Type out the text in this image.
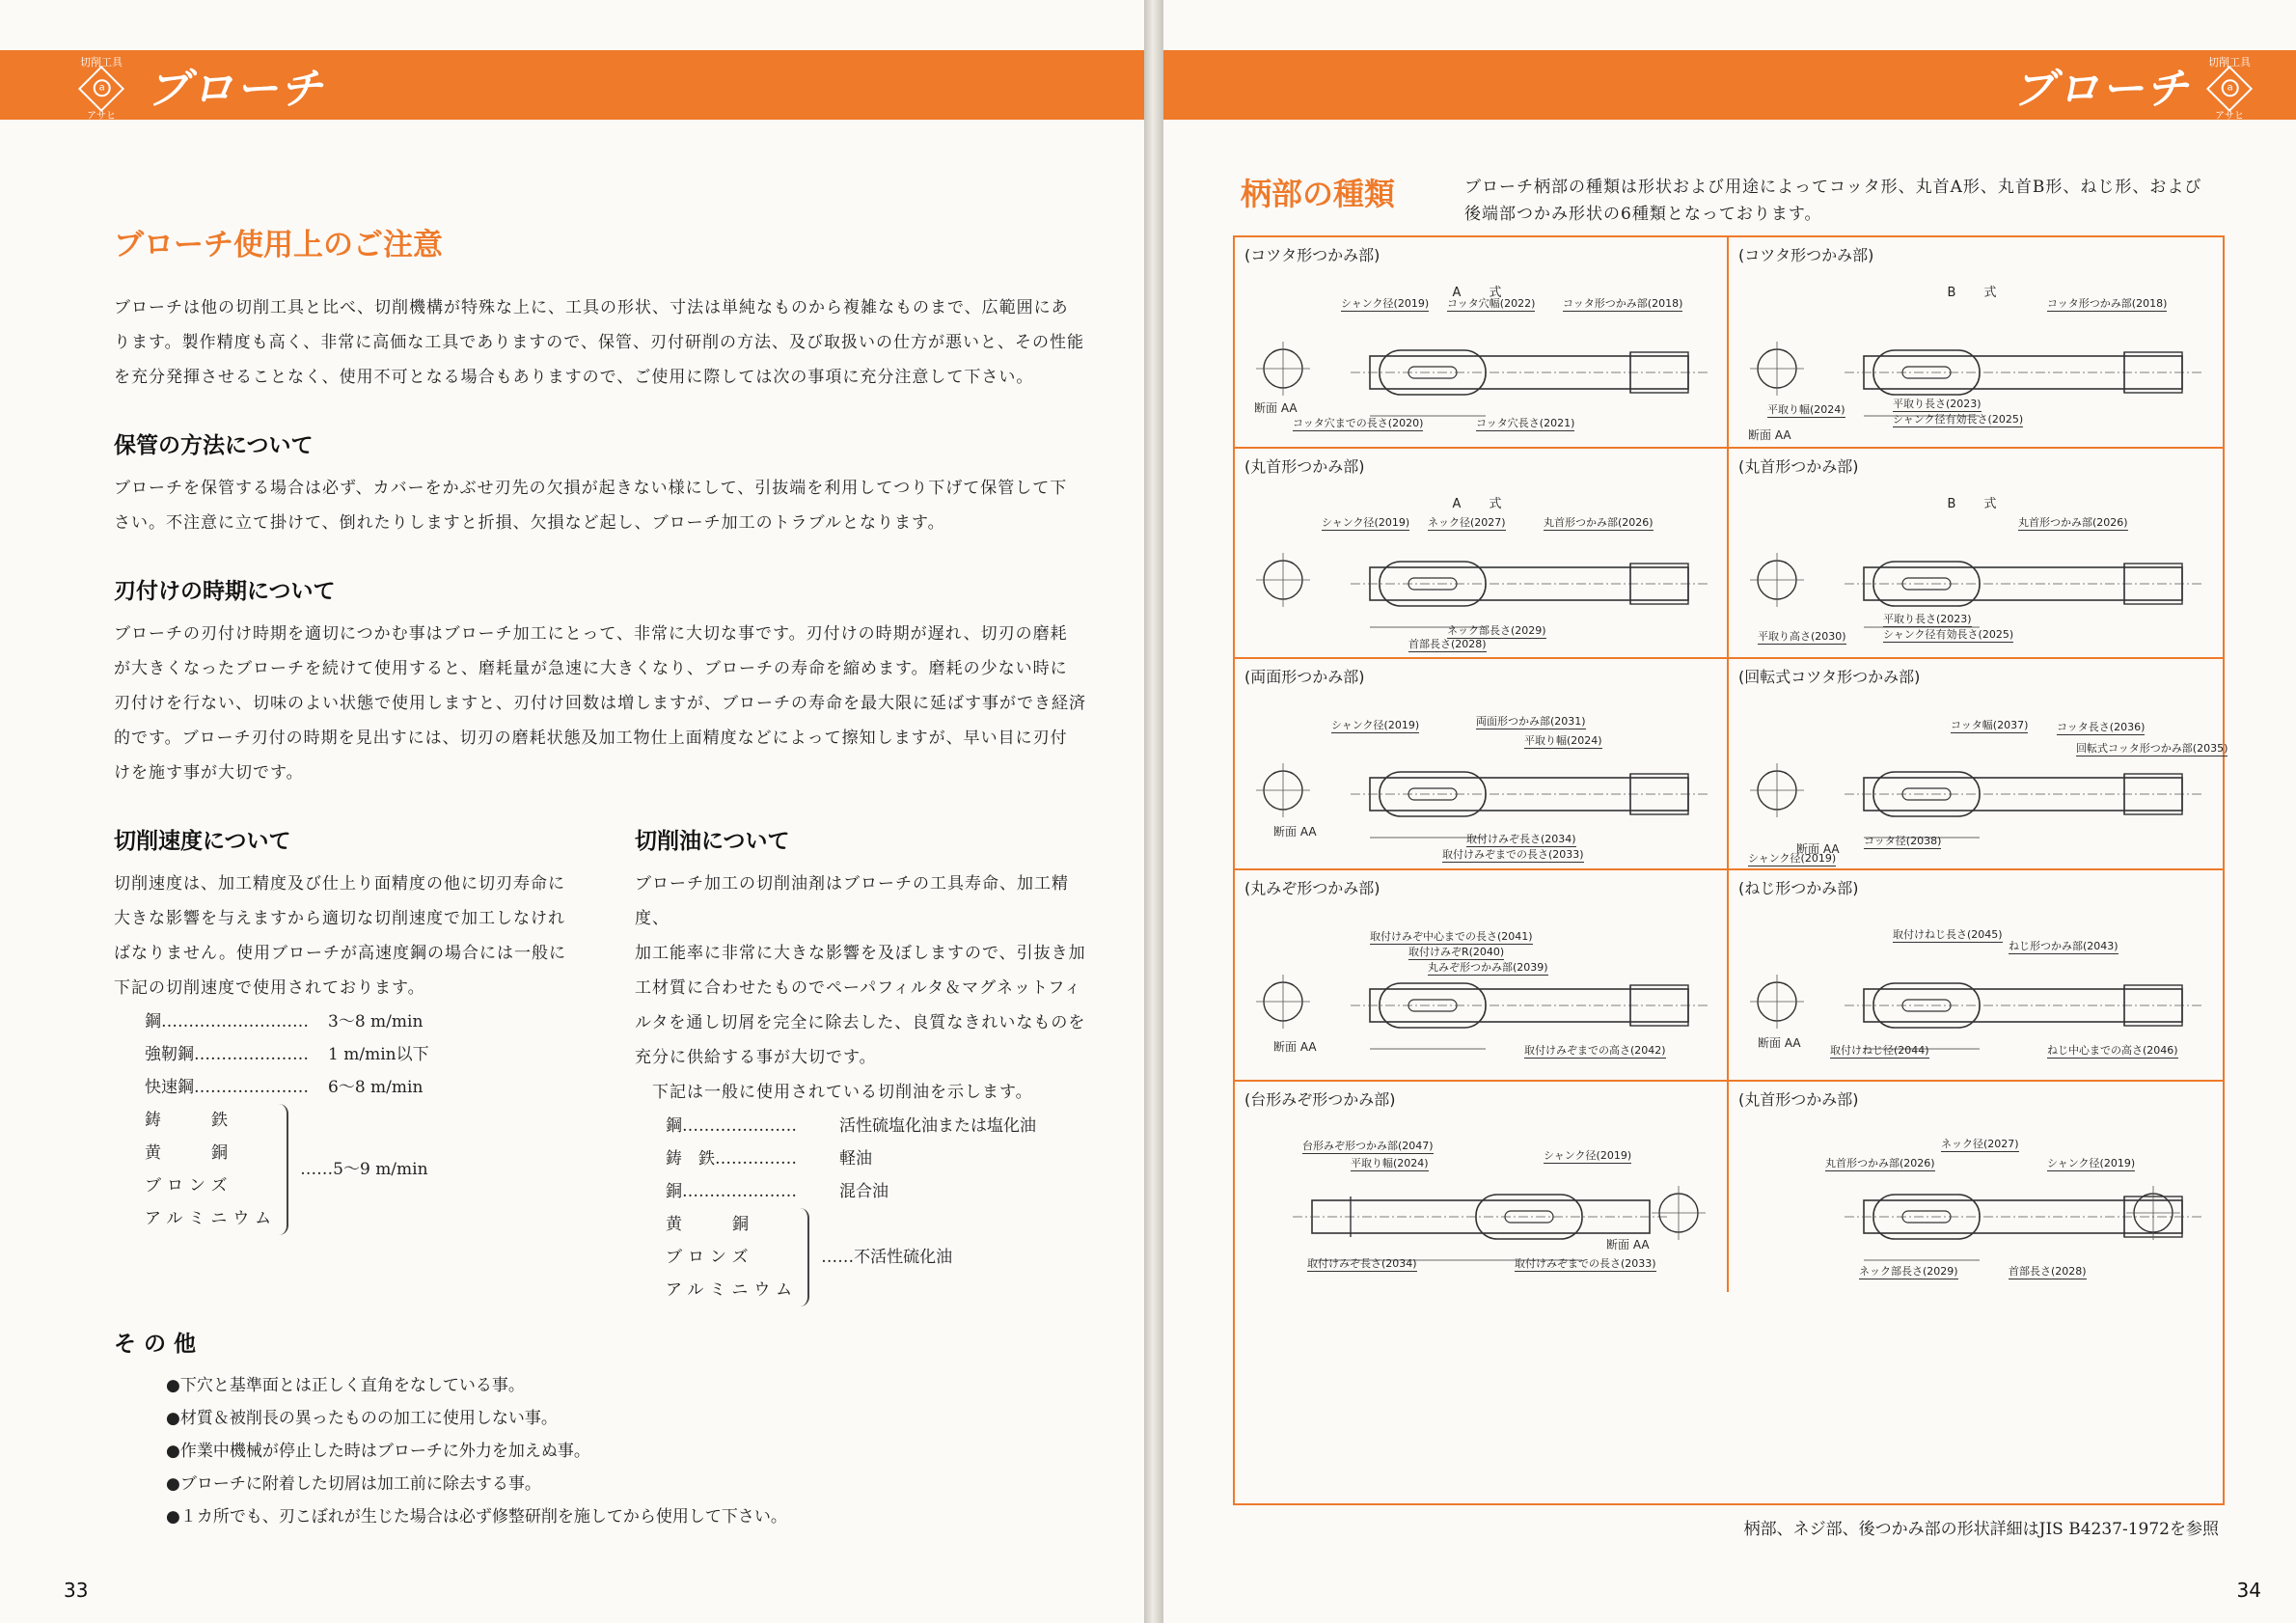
切削工具
a
アサヒ
ブローチ
ブローチ使用上のご注意

ブローチは他の切削工具と比べ、切削機構が特殊な上に、工具の形状、寸法は単純なものから複雑なものまで、広範囲にあ
ります。製作精度も高く、非常に高価な工具でありますので、保管、刃付研削の方法、及び取扱いの仕方が悪いと、その性能
を充分発揮させることなく、使用不可となる場合もありますので、ご使用に際しては次の事項に充分注意して下さい。

保管の方法について

ブローチを保管する場合は必ず、カバーをかぶせ刃先の欠損が起きない様にして、引抜端を利用してつり下げて保管して下
さい。不注意に立て掛けて、倒れたりしますと折損、欠損など起し、ブローチ加工のトラブルとなります。

刃付けの時期について

ブローチの刃付け時期を適切につかむ事はブローチ加工にとって、非常に大切な事です。刃付けの時期が遅れ、切刃の磨耗
が大きくなったブローチを続けて使用すると、磨耗量が急速に大きくなり、ブローチの寿命を縮めます。磨耗の少ない時に
刃付けを行ない、切味のよい状態で使用しますと、刃付け回数は増しますが、ブローチの寿命を最大限に延ばす事ができ経済
的です。ブローチ刃付の時期を見出すには、切刃の磨耗状態及加工物仕上面精度などによって擦知しますが、早い目に刃付
けを施す事が大切です。

切削速度について

切削速度は、加工精度及び仕上り面精度の他に切刃寿命に
大きな影響を与えますから適切な切削速度で加工しなけれ
ばなりません。使用ブローチが高速度鋼の場合には一般に
下記の切削速度で使用されております。

鋼………………………	3～8 m/min
強靭鋼…………………	1 m/min以下
快速鋼…………………	6～8 m/min
鋳　　鉄
黄　　銅
ブロンズ
アルミニウム
……5～9 m/min
切削油について

ブローチ加工の切削油剤はブローチの工具寿命、加工精度、
加工能率に非常に大きな影響を及ぼしますので、引抜き加
工材質に合わせたものでペーパフィルタ＆マグネットフィ
ルタを通し切屑を完全に除去した、良質なきれいなものを
充分に供給する事が大切です。

下記は一般に使用されている切削油を示します。
鋼…………………	活性硫塩化油または塩化油
鋳　鉄……………	軽油
銅…………………	混合油
黄　　銅
ブロンズ
アルミニウム
……不活性硫化油
そ の 他
●下穴と基準面とは正しく直角をなしている事。
●材質＆被削長の異ったものの加工に使用しない事。
●作業中機械が停止した時はブローチに外力を加えぬ事。
●ブローチに附着した切屑は加工前に除去する事。
●１カ所でも、刃こぼれが生じた場合は必ず修整研削を施してから使用して下さい。
33
ブローチ
切削工具
a
アサヒ
柄部の種類	ブローチ柄部の種類は形状および用途によってコッタ形、丸首A形、丸首B形、ねじ形、および
後端部つかみ形状の6種類となっております。
(コツタ形つかみ部)
A　式
シャンク径(2019) コッタ穴幅(2022)	コッタ形つかみ部(2018)
コッタ穴までの長さ(2020)	コッタ穴長さ(2021)
断面 AA
(コツタ形つかみ部)
B　式
コッタ形つかみ部(2018)
平取り幅(2024)	平取り長さ(2023)
シャンク径有効長さ(2025)
断面 AA
(丸首形つかみ部)
A　式
シャンク径(2019) ネック径(2027)	丸首形つかみ部(2026)
ネック部長さ(2029)
首部長さ(2028)
(丸首形つかみ部)
B　式
丸首形つかみ部(2026)
平取り高さ(2030)
平取り長さ(2023)
シャンク径有効長さ(2025)
(両面形つかみ部)
シャンク径(2019)	両面形つかみ部(2031)
平取り幅(2024)
取付けみぞ長さ(2034)
取付けみぞまでの長さ(2033)
断面 AA
(回転式コツタ形つかみ部)
コッタ幅(2037)	コッタ長さ(2036)
回転式コッタ形つかみ部(2035)
シャンク径(2019)
コッタ径(2038)
断面 AA
(丸みぞ形つかみ部)
取付けみぞ中心までの長さ(2041)
取付けみぞR(2040)
丸みぞ形つかみ部(2039)
取付けみぞまでの高さ(2042)
断面 AA
(ねじ形つかみ部)
取付けねじ長さ(2045)
ねじ形つかみ部(2043)
取付けねじ径(2044)	ねじ中心までの高さ(2046)
断面 AA
(台形みぞ形つかみ部)
台形みぞ形つかみ部(2047)
平取り幅(2024)
シャンク径(2019)
取付けみぞ長さ(2034)	取付けみぞまでの長さ(2033)
断面 AA
(丸首形つかみ部)
ネック径(2027)
丸首形つかみ部(2026)	シャンク径(2019)
ネック部長さ(2029)	首部長さ(2028)
柄部、ネジ部、後つかみ部の形状詳細はJIS B4237-1972を参照
34
